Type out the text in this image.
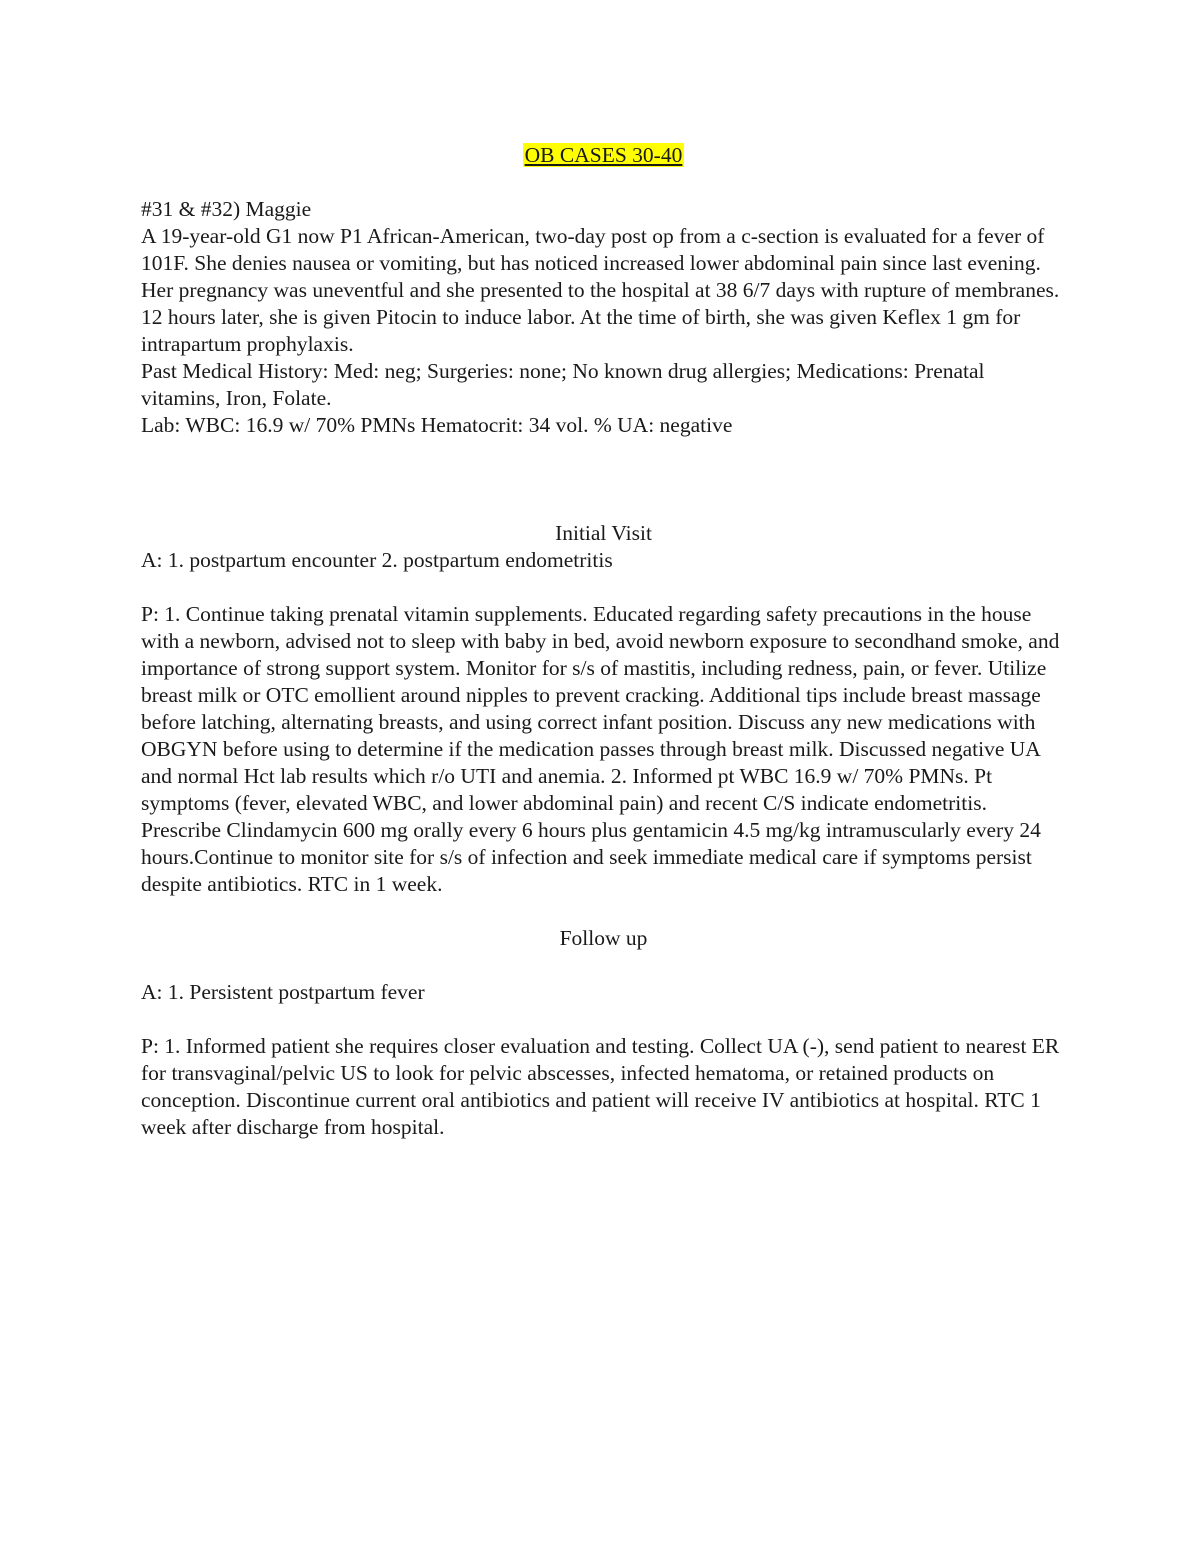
OB CASES 30-40

#31 & #32) Maggie

A 19-year-old G1 now P1 African-American, two-day post op from a c-section is evaluated for a fever of 101F. She denies nausea or vomiting, but has noticed increased lower abdominal pain since last evening. Her pregnancy was uneventful and she presented to the hospital at 38 6/7 days with rupture of membranes. 12 hours later, she is given Pitocin to induce labor. At the time of birth, she was given Keflex 1 gm for intrapartum prophylaxis.

Past Medical History: Med: neg; Surgeries: none; No known drug allergies; Medications: Prenatal vitamins, Iron, Folate.

Lab: WBC: 16.9 w/ 70% PMNs Hematocrit: 34 vol. % UA: negative

Initial Visit

A: 1. postpartum encounter 2. postpartum endometritis

P: 1. Continue taking prenatal vitamin supplements. Educated regarding safety precautions in the house with a newborn, advised not to sleep with baby in bed, avoid newborn exposure to secondhand smoke, and importance of strong support system. Monitor for s/s of mastitis, including redness, pain, or fever. Utilize breast milk or OTC emollient around nipples to prevent cracking. Additional tips include breast massage before latching, alternating breasts, and using correct infant position. Discuss any new medications with OBGYN before using to determine if the medication passes through breast milk. Discussed negative UA and normal Hct lab results which r/o UTI and anemia. 2. Informed pt WBC 16.9 w/ 70% PMNs. Pt symptoms (fever, elevated WBC, and lower abdominal pain) and recent C/S indicate endometritis. Prescribe Clindamycin 600 mg orally every 6 hours plus gentamicin 4.5 mg/kg intramuscularly every 24 hours.Continue to monitor site for s/s of infection and seek immediate medical care if symptoms persist despite antibiotics. RTC in 1 week.

Follow up

A: 1. Persistent postpartum fever

P: 1. Informed patient she requires closer evaluation and testing. Collect UA (-), send patient to nearest ER for transvaginal/pelvic US to look for pelvic abscesses, infected hematoma, or retained products on conception. Discontinue current oral antibiotics and patient will receive IV antibiotics at hospital. RTC 1 week after discharge from hospital.
